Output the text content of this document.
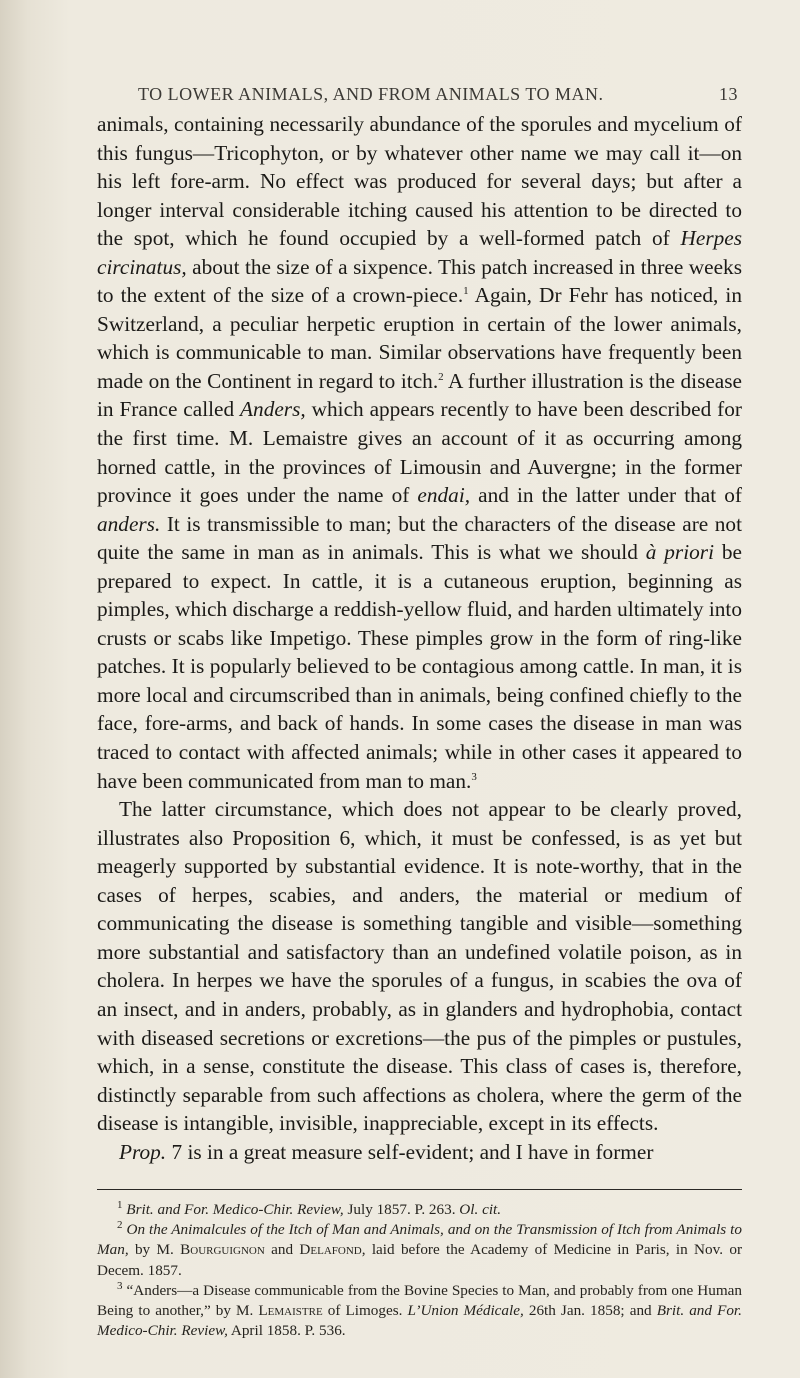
TO LOWER ANIMALS, AND FROM ANIMALS TO MAN.	13

animals, containing necessarily abundance of the sporules and mycelium of this fungus—Tricophyton, or by whatever other name we may call it—on his left fore-arm. No effect was produced for several days; but after a longer interval considerable itching caused his attention to be directed to the spot, which he found occupied by a well-formed patch of Herpes circinatus, about the size of a sixpence. This patch increased in three weeks to the extent of the size of a crown-piece.$^1$ Again, Dr Fehr has noticed, in Switzerland, a peculiar herpetic eruption in certain of the lower animals, which is communicable to man. Similar observations have frequently been made on the Continent in regard to itch.$^2$ A further illustration is the disease in France called Anders, which appears recently to have been described for the first time. M. Lemaistre gives an account of it as occurring among horned cattle, in the provinces of Limousin and Auvergne; in the former province it goes under the name of endai, and in the latter under that of anders. It is transmissible to man; but the characters of the disease are not quite the same in man as in animals. This is what we should à priori be prepared to expect. In cattle, it is a cutaneous eruption, beginning as pimples, which discharge a reddish-yellow fluid, and harden ultimately into crusts or scabs like Impetigo. These pimples grow in the form of ring-like patches. It is popularly believed to be contagious among cattle. In man, it is more local and circumscribed than in animals, being confined chiefly to the face, fore-arms, and back of hands. In some cases the disease in man was traced to contact with affected animals; while in other cases it appeared to have been communicated from man to man.$^3$

The latter circumstance, which does not appear to be clearly proved, illustrates also Proposition 6, which, it must be confessed, is as yet but meagerly supported by substantial evidence. It is note-worthy, that in the cases of herpes, scabies, and anders, the material or medium of communicating the disease is something tangible and visible—something more substantial and satisfactory than an undefined volatile poison, as in cholera. In herpes we have the sporules of a fungus, in scabies the ova of an insect, and in anders, probably, as in glanders and hydrophobia, contact with diseased secretions or excretions—the pus of the pimples or pustules, which, in a sense, constitute the disease. This class of cases is, therefore, distinctly separable from such affections as cholera, where the germ of the disease is intangible, invisible, inappreciable, except in its effects.

Prop. 7 is in a great measure self-evident; and I have in former

$^1$ Brit. and For. Medico-Chir. Review, July 1857. P. 263. Ol. cit.

$^2$ On the Animalcules of the Itch of Man and Animals, and on the Transmission of Itch from Animals to Man, by M. Bourguignon and Delafond, laid before the Academy of Medicine in Paris, in Nov. or Decem. 1857.

$^3$ “Anders—a Disease communicable from the Bovine Species to Man, and probably from one Human Being to another,” by M. Lemaistre of Limoges. L’Union Médicale, 26th Jan. 1858; and Brit. and For. Medico-Chir. Review, April 1858. P. 536.
